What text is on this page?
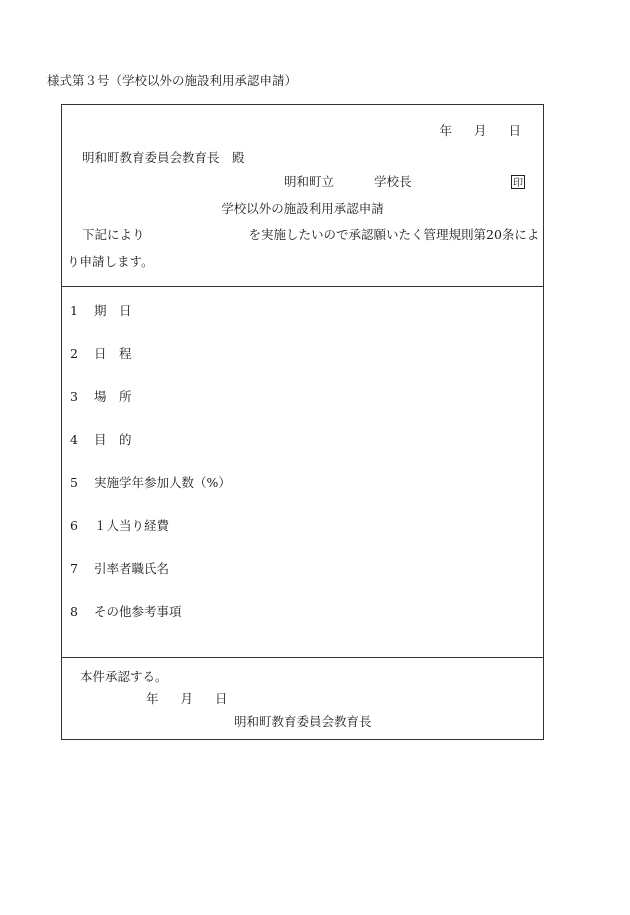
様式第３号（学校以外の施設利用承認申請）
年 月 日
明和町教育委員会教育長　殿
明和町立	学校長	印
学校以外の施設利用承認申請
下記により	を実施したいので承認願いたく管理規則第20条によ
り申請します。
1 期　日
2 日　程
3 場　所
4 目　的
5 実施学年参加人数（%）
6 １人当り経費
7 引率者職氏名
8 その他参考事項
本件承認する。
年 月 日
明和町教育委員会教育長
